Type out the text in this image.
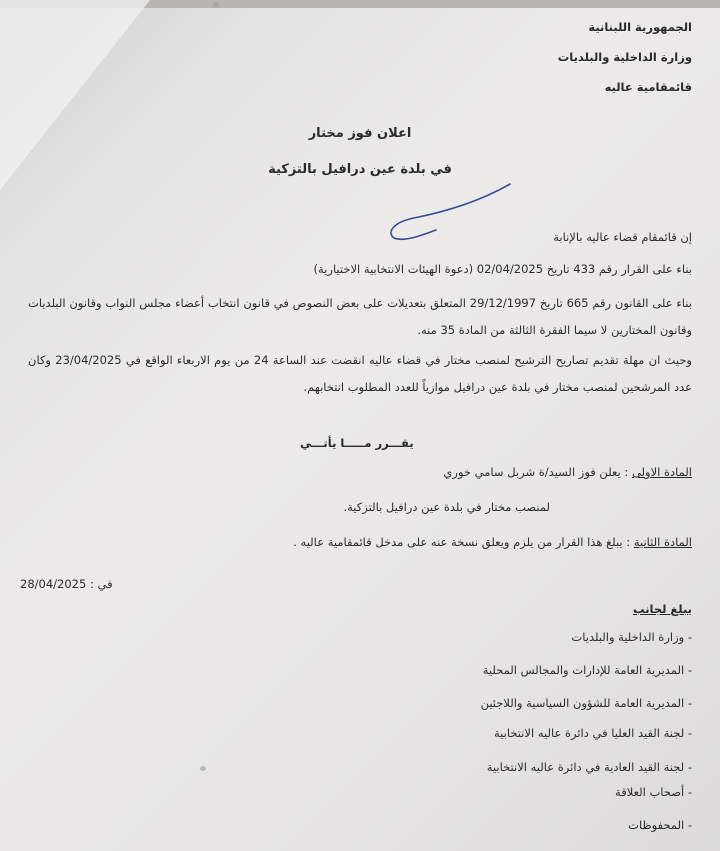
الجمهورية اللبنانية
وزارة الداخلية والبلديات
قائمقامية عاليه
اعلان فوز مختار
في بلدة عين درافيل بالتزكية
إن قائمقام قضاء عاليه بالإنابة
بناء على القرار رقم 433 تاريخ 02/04/2025 (دعوة الهيئات الانتخابية الاختيارية)
بناء على القانون رقم 665 تاريخ 29/12/1997 المتعلق بتعديلات على بعض النصوص في قانون انتخاب أعضاء مجلس النواب وقانون البلديات وقانون المختارين لا سيما الفقرة الثالثة من المادة 35 منه.
وحيث ان مهلة تقديم تصاريح الترشيح لمنصب مختار في قضاء عاليه انقضت عند الساعة 24 من يوم الاربعاء الواقع في 23/04/2025 وكان عدد المرشحين لمنصب مختار في بلدة عين درافيل موازياً للعدد المطلوب انتخابهم.
يقـــرر مـــــا يأتـــي
المادة الاولى : يعلن فوز السيد/ة شربل سامي خوري
لمنصب مختار في بلدة عين درافيل بالتزكية.
المادة الثانية : يبلغ هذا القرار من يلزم ويعلق نسخة عنه على مدخل قائمقامية عاليه .
28/04/2025 في :
يبلغ لجانب
- وزارة الداخلية والبلديات
- المديرية العامة للإدارات والمجالس المحلية
- المديرية العامة للشؤون السياسية واللاجئين
- لجنة القيد العليا في دائرة عاليه الانتخابية
- لجنة القيد العادية في دائرة عاليه الانتخابية
- أصحاب العلاقة
- المحفوظات
